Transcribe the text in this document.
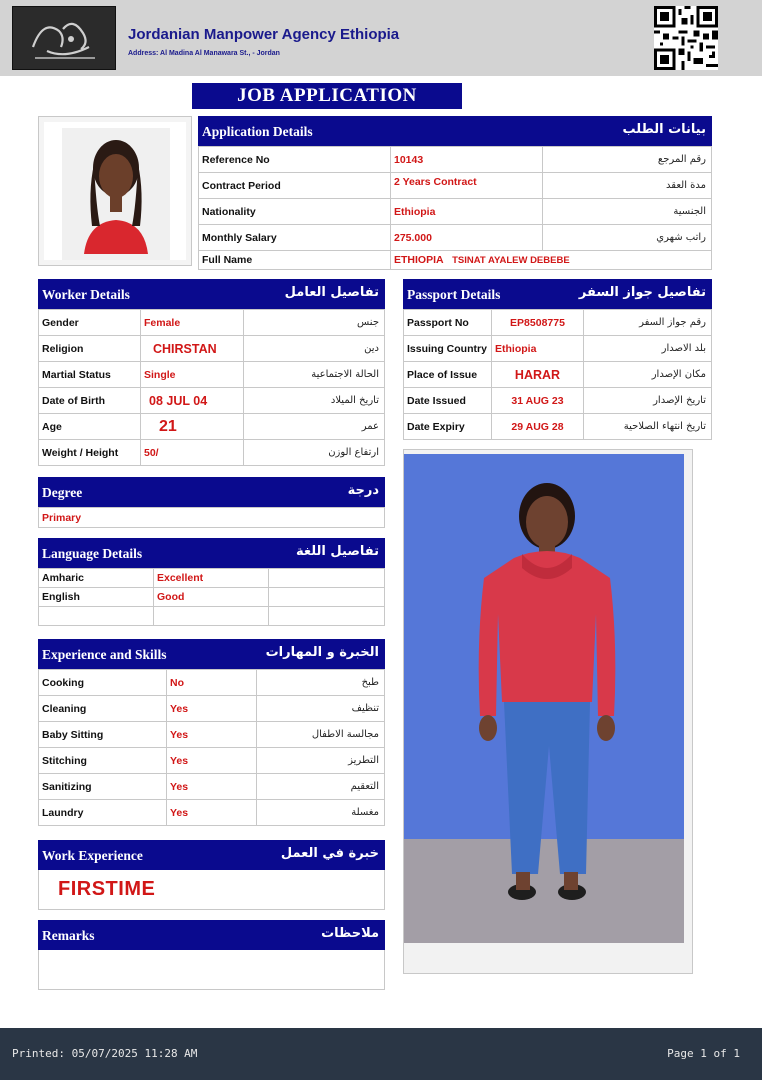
Jordanian Manpower Agency Ethiopia
Address: Al Madina Al Manawara St., - Jordan
JOB APPLICATION
Application Details	بيانات الطلب
Reference No	10143	رقم المرجع
Contract Period	2 Years Contract	مدة العقد
Nationality	Ethiopia	الجنسية
Monthly Salary	275.000	راتب شهري
Full Name	ETHIOPIA TSINAT AYALEW DEBEBE	
Worker Details	تفاصيل العامل
Gender	Female	جنس
Religion	CHIRSTAN	دين
Martial Status	Single	الحالة الاجتماعية
Date of Birth	08 JUL 04	تاريخ الميلاد
Age	21	عمر
Weight / Height	50/	ارتفاع الوزن
Passport Details	تفاصيل جواز السفر
Passport No	EP8508775	رقم جواز السفر
Issuing Country	Ethiopia	بلد الاصدار
Place of Issue	HARAR	مكان الإصدار
Date Issued	31 AUG 23	تاريخ الإصدار
Date Expiry	29 AUG 28	تاريخ انتهاء الصلاحية
Degree	درجة
Primary
Language Details	تفاصيل اللغة
Amharic	Excellent	
English	Good	

Experience and Skills	الخبرة و المهارات
Cooking	No	طبخ
Cleaning	Yes	تنظيف
Baby Sitting	Yes	مجالسة الاطفال
Stitching	Yes	التطريز
Sanitizing	Yes	التعقيم
Laundry	Yes	مغسلة
Work Experience	خبرة في العمل
FIRSTIME
Remarks	ملاحظات
Printed: 05/07/2025 11:28 AM	Page 1 of 1
